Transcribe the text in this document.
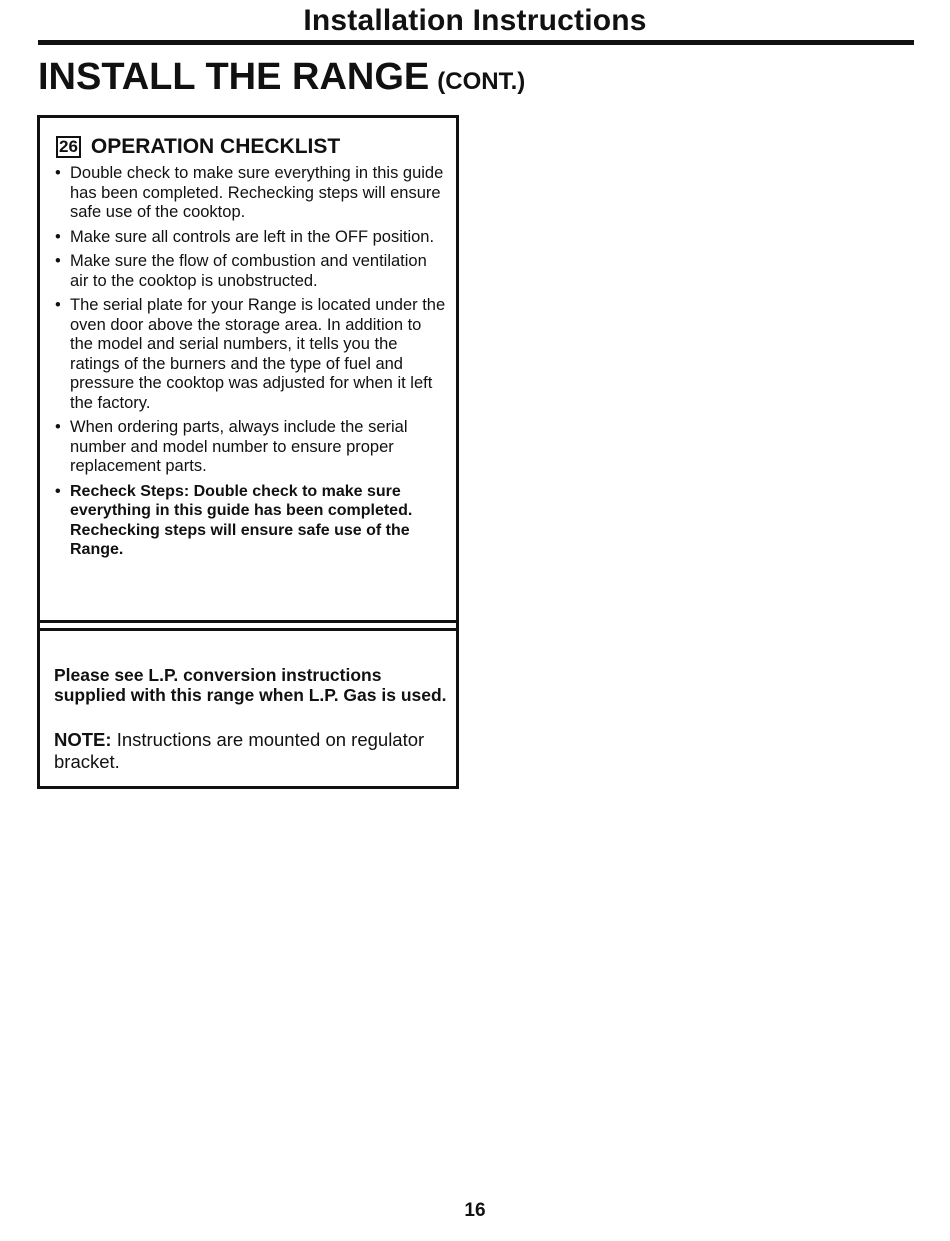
Installation Instructions
INSTALL THE RANGE (CONT.)
26 OPERATION CHECKLIST
• Double check to make sure everything in this guide has been completed. Rechecking steps will ensure safe use of the cooktop.
• Make sure all controls are left in the OFF position.
• Make sure the flow of combustion and ventilation air to the cooktop is unobstructed.
• The serial plate for your Range is located under the oven door above the storage area. In addition to the model and serial numbers, it tells you the ratings of the burners and the type of fuel and pressure the cooktop was adjusted for when it left the factory.
• When ordering parts, always include the serial number and model number to ensure proper replacement parts.
• Recheck Steps: Double check to make sure everything in this guide has been completed. Rechecking steps will ensure safe use of the Range.
Please see L.P. conversion instructions supplied with this range when L.P. Gas is used.
NOTE: Instructions are mounted on regulator bracket.
16
